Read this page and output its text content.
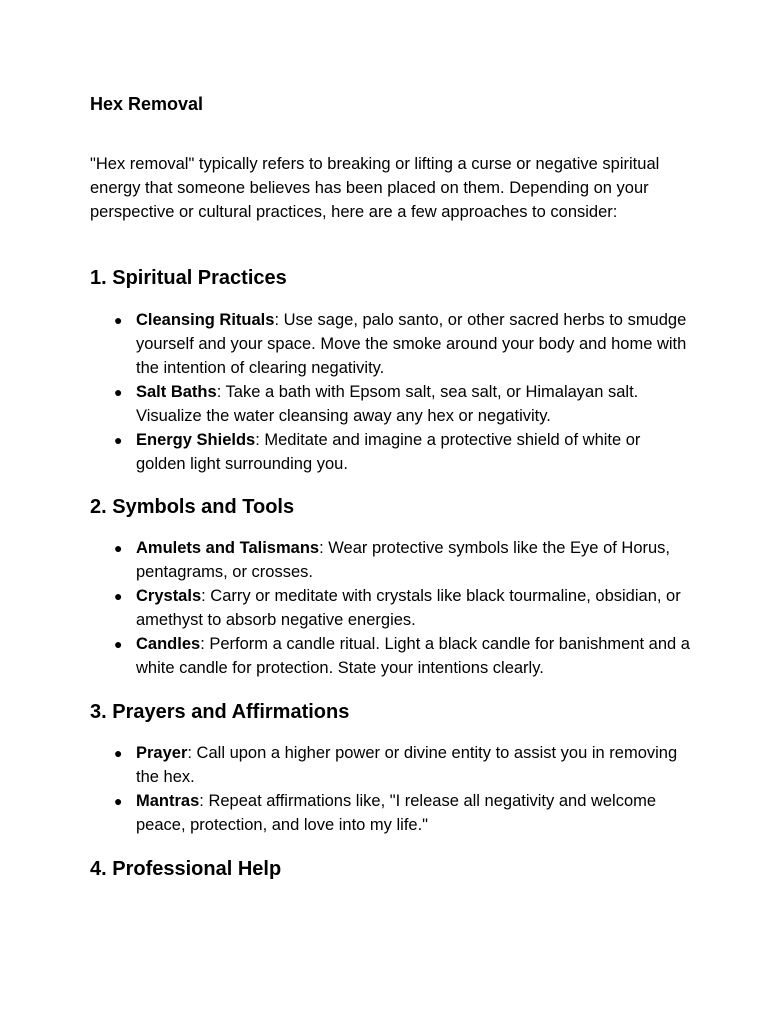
Hex Removal

"Hex removal" typically refers to breaking or lifting a curse or negative spiritual energy that someone believes has been placed on them. Depending on your perspective or cultural practices, here are a few approaches to consider:

1. Spiritual Practices
● Cleansing Rituals: Use sage, palo santo, or other sacred herbs to smudge yourself and your space. Move the smoke around your body and home with the intention of clearing negativity.
● Salt Baths: Take a bath with Epsom salt, sea salt, or Himalayan salt. Visualize the water cleansing away any hex or negativity.
● Energy Shields: Meditate and imagine a protective shield of white or golden light surrounding you.
2. Symbols and Tools
● Amulets and Talismans: Wear protective symbols like the Eye of Horus, pentagrams, or crosses.
● Crystals: Carry or meditate with crystals like black tourmaline, obsidian, or amethyst to absorb negative energies.
● Candles: Perform a candle ritual. Light a black candle for banishment and a white candle for protection. State your intentions clearly.
3. Prayers and Affirmations
● Prayer: Call upon a higher power or divine entity to assist you in removing the hex.
● Mantras: Repeat affirmations like, "I release all negativity and welcome peace, protection, and love into my life."
4. Professional Help
